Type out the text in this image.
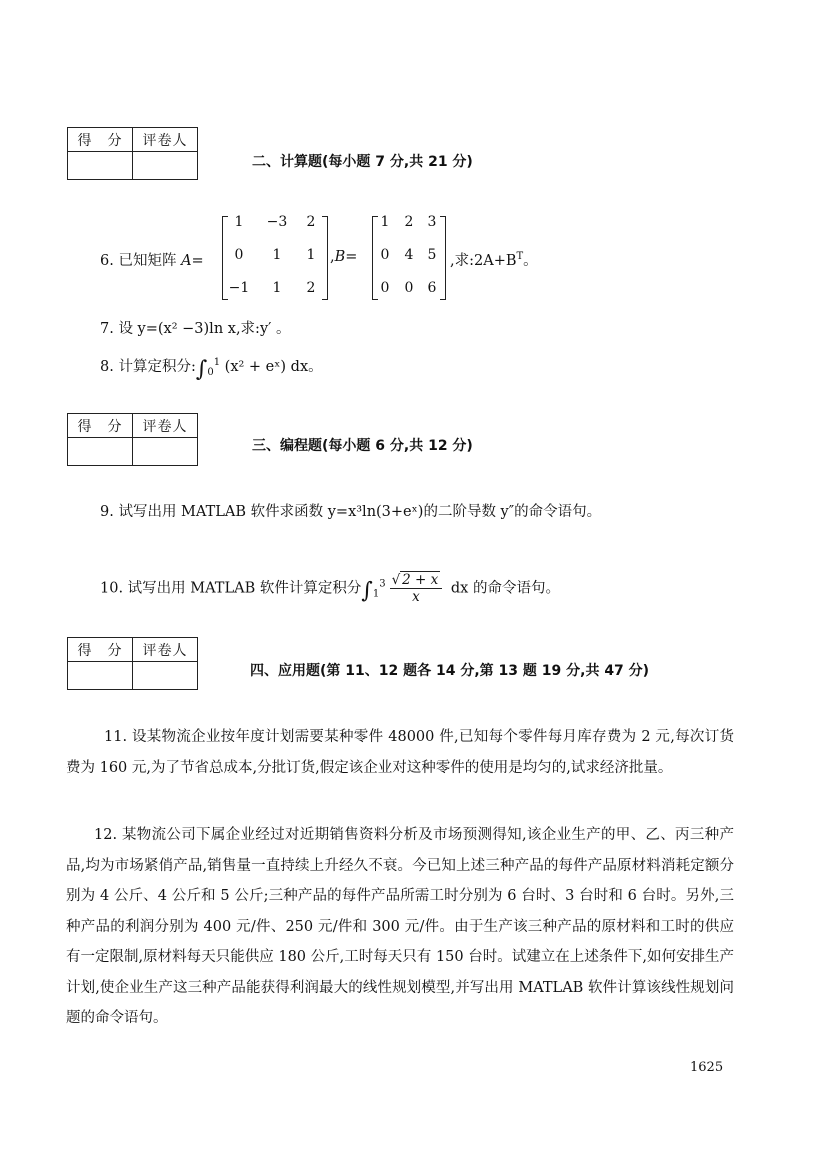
得　分	评卷人

二、计算题(每小题 7 分,共 21 分)
6. 已知矩阵 A=
1	−3	2
0	1	1
−1	1	2
,B=
1	2	3
0	4	5
0	0	6
,求$:2A+B^T$。
7. 设 y=(x² −3)ln x,求:y′ 。
8. 计算定积分$:\int_0^1$ (x² + eˣ) dx。
得　分	评卷人

三、编程题(每小题 6 分,共 12 分)
9. 试写出用 MATLAB 软件求函数 y=x³ln(3+eˣ)的二阶导数 y″的命令语句。
10. 试写出用 MATLAB 软件计算定积分$\int_1^3 \frac{√ 2 + x}{x}$ dx 的命令语句。
得　分	评卷人

四、应用题(第 11、12 题各 14 分,第 13 题 19 分,共 47 分)
11. 设某物流企业按年度计划需要某种零件 48000 件,已知每个零件每月库存费为 2 元,每次订货费为 160 元,为了节省总成本,分批订货,假定该企业对这种零件的使用是均匀的,试求经济批量。
12. 某物流公司下属企业经过对近期销售资料分析及市场预测得知,该企业生产的甲、乙、丙三种产品,均为市场紧俏产品,销售量一直持续上升经久不衰。今已知上述三种产品的每件产品原材料消耗定额分别为 4 公斤、4 公斤和 5 公斤;三种产品的每件产品所需工时分别为 6 台时、3 台时和 6 台时。另外,三种产品的利润分别为 400 元/件、250 元/件和 300 元/件。由于生产该三种产品的原材料和工时的供应有一定限制,原材料每天只能供应 180 公斤,工时每天只有 150 台时。试建立在上述条件下,如何安排生产计划,使企业生产这三种产品能获得利润最大的线性规划模型,并写出用 MATLAB 软件计算该线性规划问题的命令语句。
1625
